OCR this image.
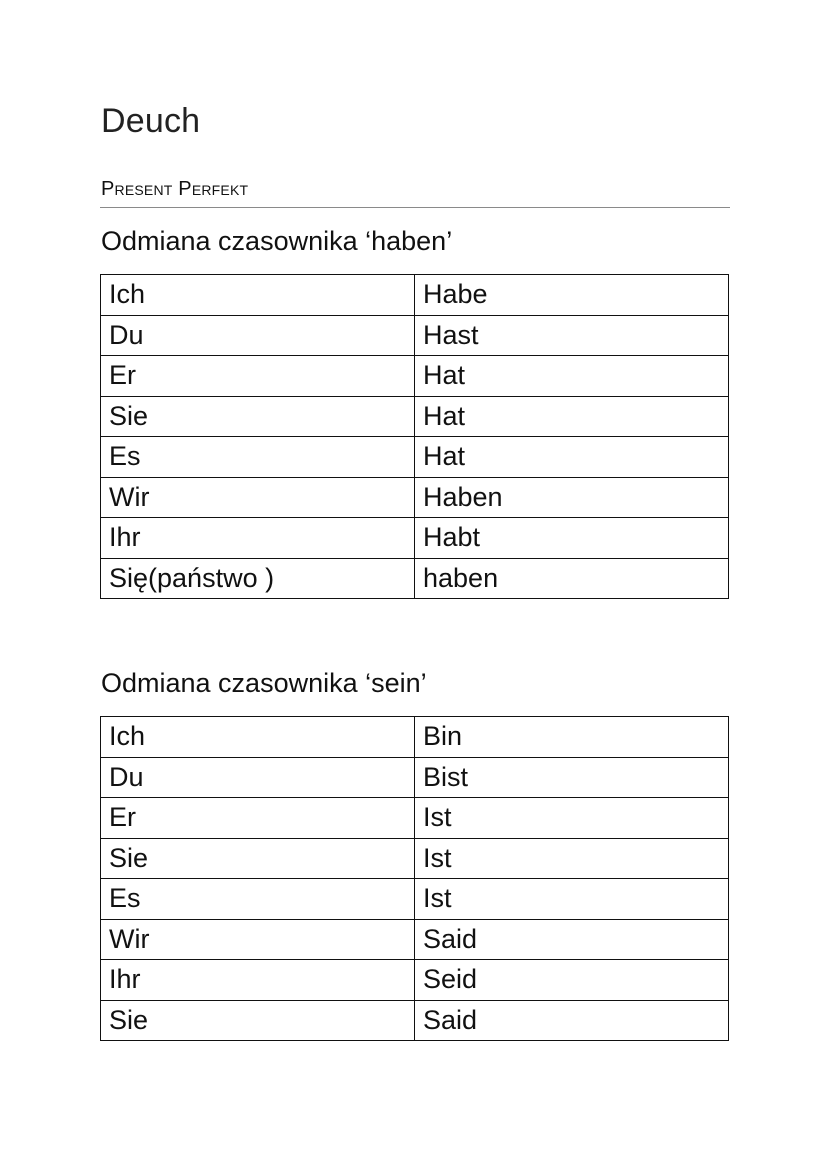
Deuch
Present Perfekt
Odmiana czasownika ‘haben’
Ich	Habe
Du	Hast
Er	Hat
Sie	Hat
Es	Hat
Wir	Haben
Ihr	Habt
Się(państwo )	haben
Odmiana czasownika ‘sein’
Ich	Bin
Du	Bist
Er	Ist
Sie	Ist
Es	Ist
Wir	Said
Ihr	Seid
Sie	Said
